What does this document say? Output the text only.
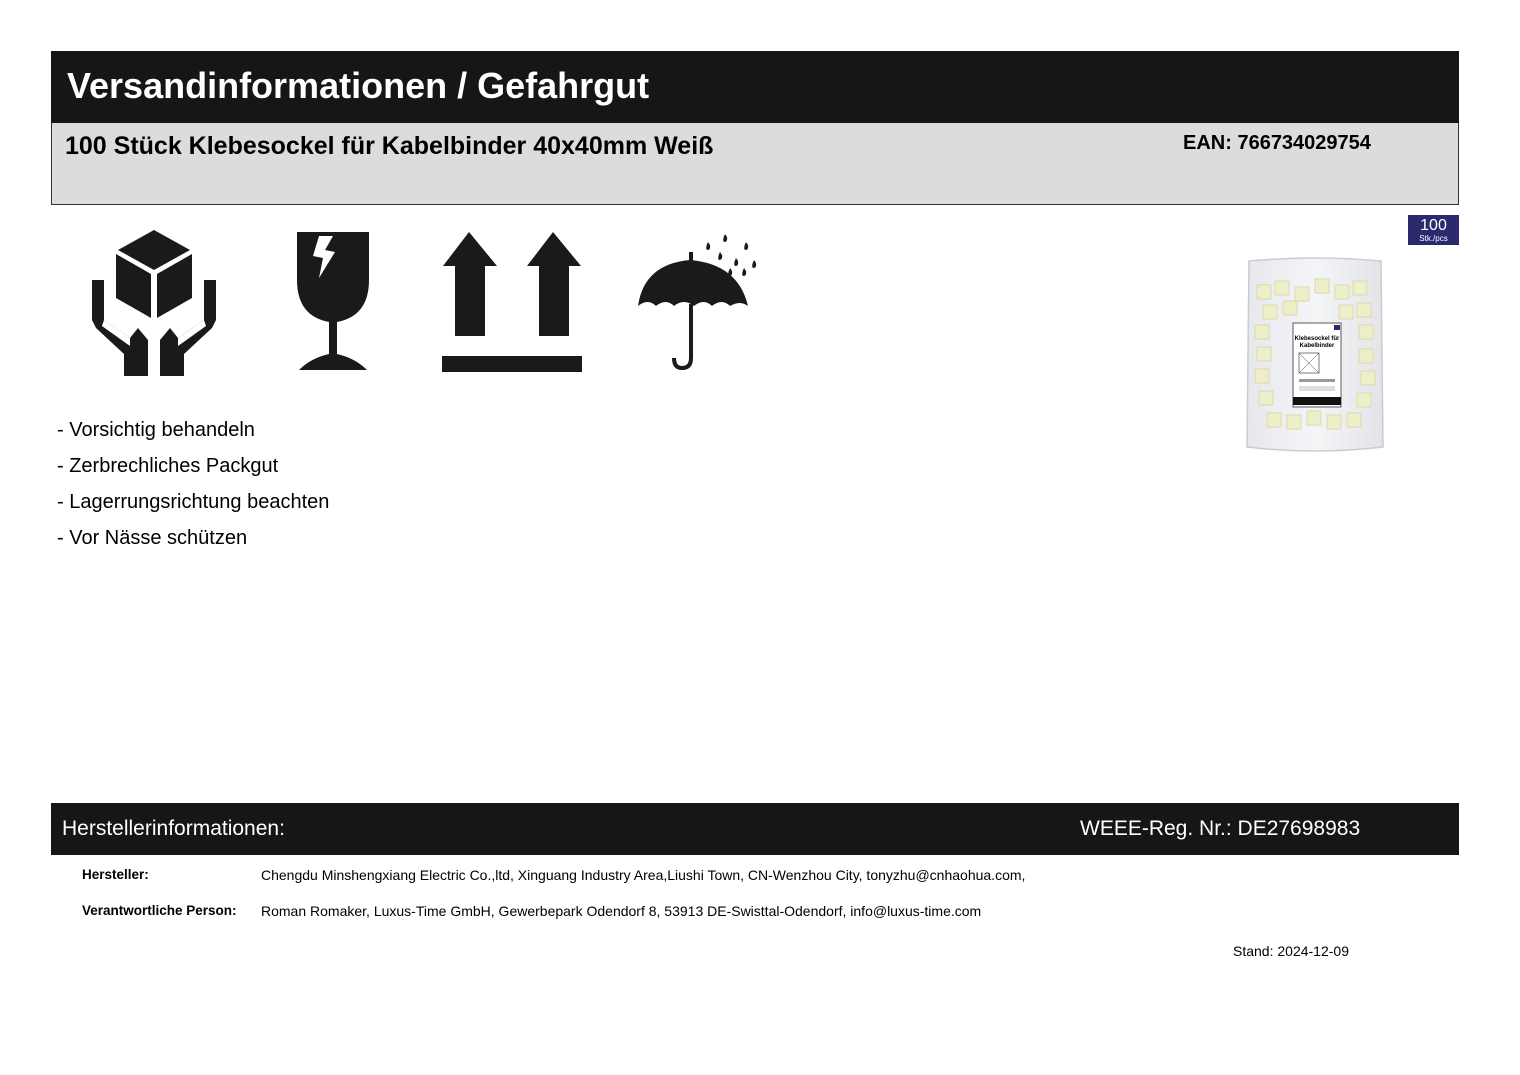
Versandinformationen / Gefahrgut
100 Stück Klebesockel für Kabelbinder 40x40mm Weiß	EAN: 766734029754
- Vorsichtig behandeln
- Zerbrechliches Packgut
- Lagerrungsrichtung beachten
- Vor Nässe schützen
100
Stk./pcs
Klebesockel für
Kabelbinder
Herstellerinformationen:	WEEE-Reg. Nr.: DE27698983
Hersteller:	Chengdu Minshengxiang Electric Co.,ltd, Xinguang Industry Area,Liushi Town, CN-Wenzhou City, tonyzhu@cnhaohua.com,
Verantwortliche Person: Roman Romaker, Luxus-Time GmbH, Gewerbepark Odendorf 8, 53913 DE-Swisttal-Odendorf, info@luxus-time.com
Stand: 2024-12-09
